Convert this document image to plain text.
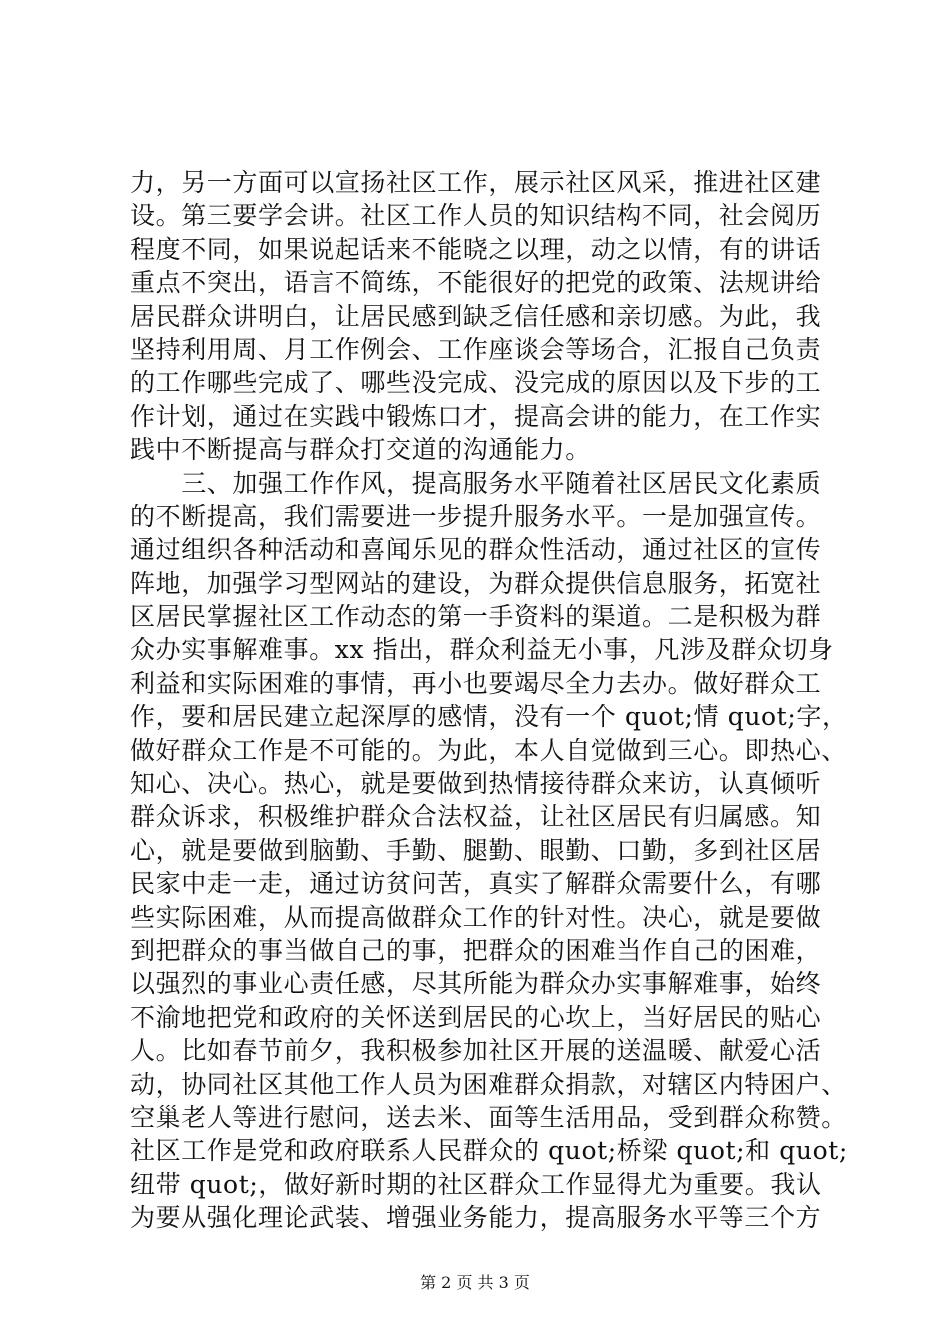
力，另一方面可以宣扬社区工作，展示社区风采，推进社区建
设。第三要学会讲。社区工作人员的知识结构不同，社会阅历
程度不同，如果说起话来不能晓之以理，动之以情，有的讲话
重点不突出，语言不简练，不能很好的把党的政策、法规讲给
居民群众讲明白，让居民感到缺乏信任感和亲切感。为此，我
坚持利用周、月工作例会、工作座谈会等场合，汇报自己负责
的工作哪些完成了、哪些没完成、没完成的原因以及下步的工
作计划，通过在实践中锻炼口才，提高会讲的能力，在工作实
践中不断提高与群众打交道的沟通能力。
　　三、加强工作作风，提高服务水平随着社区居民文化素质
的不断提高，我们需要进一步提升服务水平。一是加强宣传。
通过组织各种活动和喜闻乐见的群众性活动，通过社区的宣传
阵地，加强学习型网站的建设，为群众提供信息服务，拓宽社
区居民掌握社区工作动态的第一手资料的渠道。二是积极为群
众办实事解难事。xx 指出，群众利益无小事，凡涉及群众切身
利益和实际困难的事情，再小也要竭尽全力去办。做好群众工
作，要和居民建立起深厚的感情，没有一个 quot;情 quot;字，
做好群众工作是不可能的。为此，本人自觉做到三心。即热心、
知心、决心。热心，就是要做到热情接待群众来访，认真倾听
群众诉求，积极维护群众合法权益，让社区居民有归属感。知
心，就是要做到脑勤、手勤、腿勤、眼勤、口勤，多到社区居
民家中走一走，通过访贫问苦，真实了解群众需要什么，有哪
些实际困难，从而提高做群众工作的针对性。决心，就是要做
到把群众的事当做自己的事，把群众的困难当作自己的困难，
以强烈的事业心责任感，尽其所能为群众办实事解难事，始终
不渝地把党和政府的关怀送到居民的心坎上，当好居民的贴心
人。比如春节前夕，我积极参加社区开展的送温暖、献爱心活
动，协同社区其他工作人员为困难群众捐款，对辖区内特困户、
空巢老人等进行慰问，送去米、面等生活用品，受到群众称赞。
社区工作是党和政府联系人民群众的 quot;桥梁 quot;和 quot;
纽带 quot;，做好新时期的社区群众工作显得尤为重要。我认
为要从强化理论武装、增强业务能力，提高服务水平等三个方
第 2 页 共 3 页
